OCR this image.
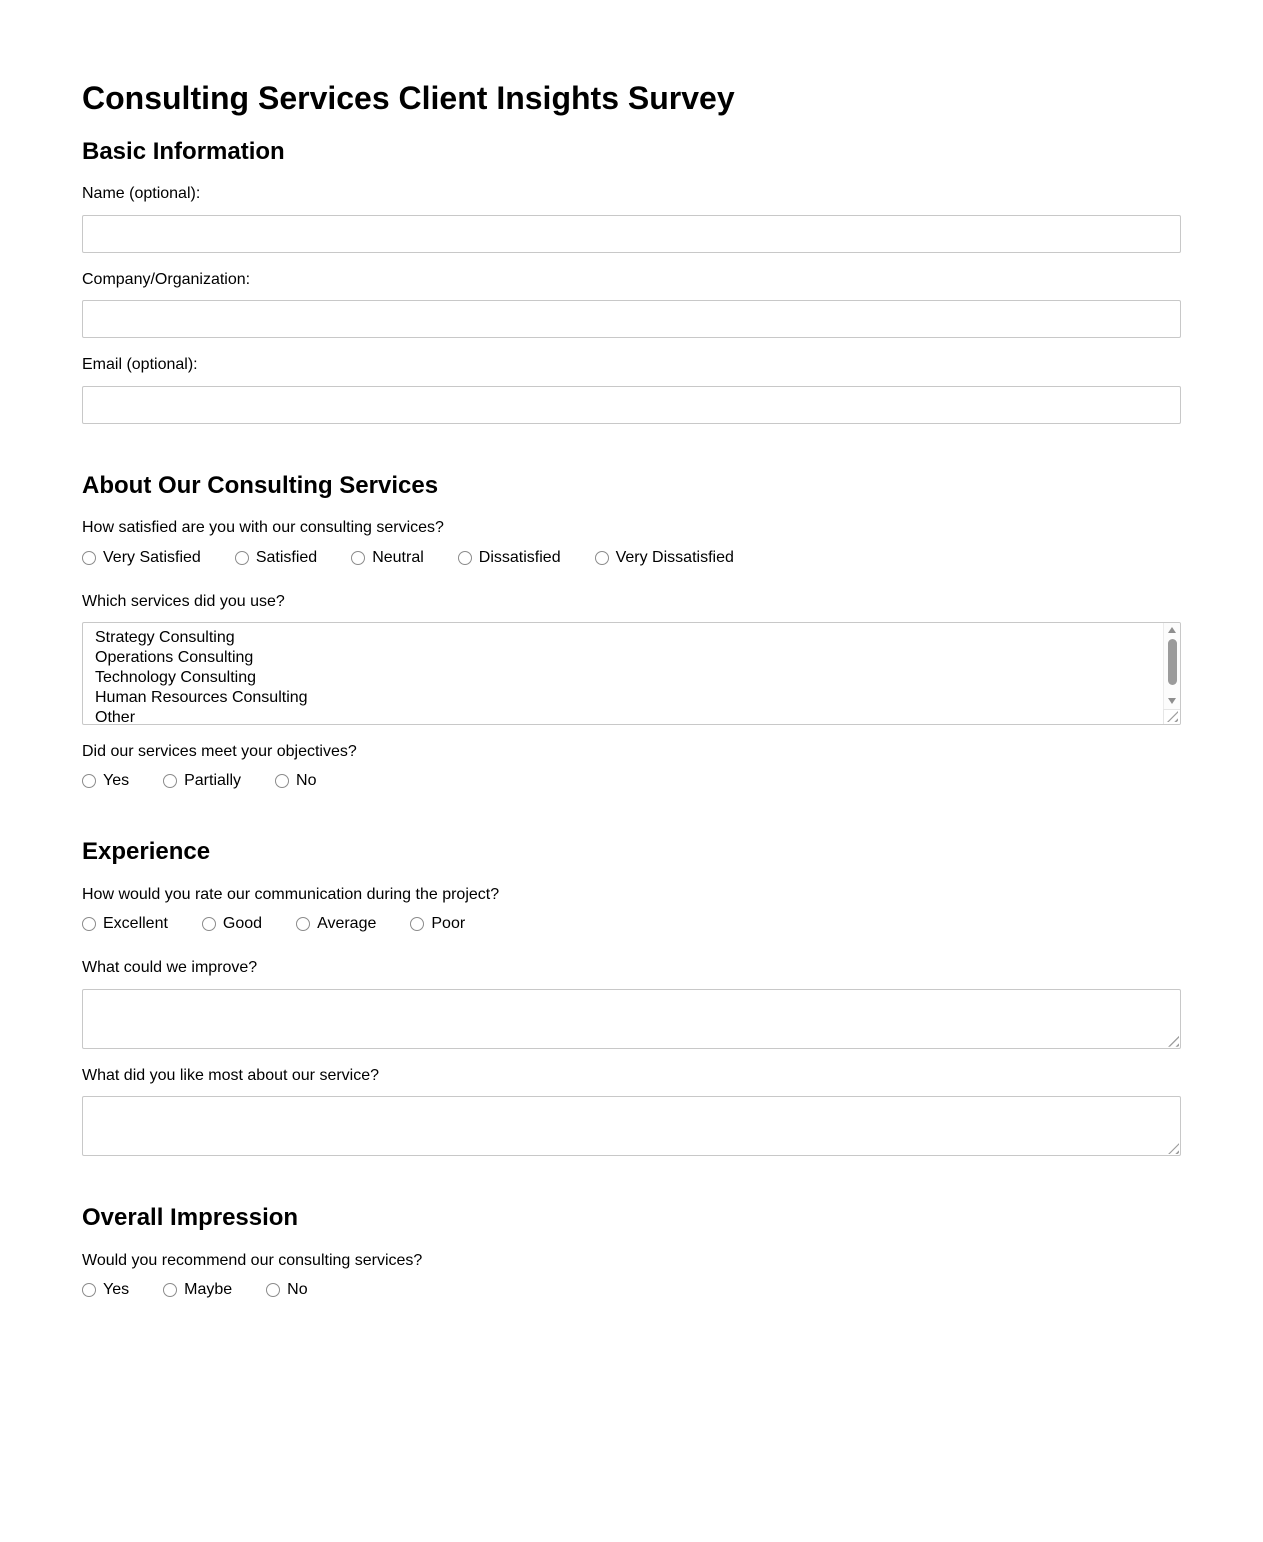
Consulting Services Client Insights Survey
Basic Information
Name (optional):
Company/Organization:
Email (optional):
About Our Consulting Services
How satisfied are you with our consulting services?
Very Satisfied	Satisfied	Neutral	Dissatisfied	Very Dissatisfied
Which services did you use?
Strategy Consulting
Operations Consulting
Technology Consulting
Human Resources Consulting
Other
Did our services meet your objectives?
Yes	Partially	No
Experience
How would you rate our communication during the project?
Excellent	Good	Average	Poor
What could we improve?
What did you like most about our service?
Overall Impression
Would you recommend our consulting services?
Yes	Maybe	No
